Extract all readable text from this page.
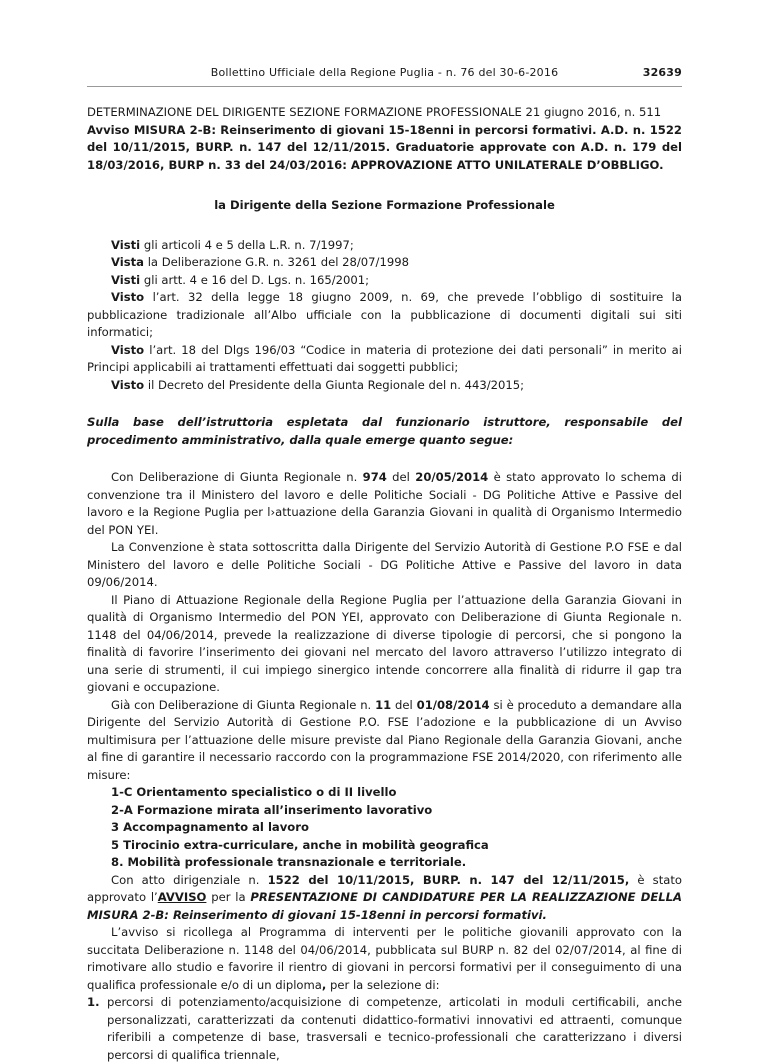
Bollettino Ufficiale della Regione Puglia - n. 76 del 30-6-2016	32639

DETERMINAZIONE DEL DIRIGENTE SEZIONE FORMAZIONE PROFESSIONALE 21 giugno 2016, n. 511

Avviso MISURA 2-B: Reinserimento di giovani 15-18enni in percorsi formativi. A.D. n. 1522 del 10/11/2015, BURP. n. 147 del 12/11/2015. Graduatorie approvate con A.D. n. 179 del 18/03/2016, BURP n. 33 del 24/03/2016: APPROVAZIONE ATTO UNILATERALE D’OBBLIGO.

la Dirigente della Sezione Formazione Professionale

Visti gli articoli 4 e 5 della L.R. n. 7/1997;

Vista la Deliberazione G.R. n. 3261 del 28/07/1998

Visti gli artt. 4 e 16 del D. Lgs. n. 165/2001;

Visto l’art. 32 della legge 18 giugno 2009, n. 69, che prevede l’obbligo di sostituire la pubblicazione tradizionale all’Albo ufficiale con la pubblicazione di documenti digitali sui siti informatici;

Visto l’art. 18 del Dlgs 196/03 “Codice in materia di protezione dei dati personali” in merito ai Principi applicabili ai trattamenti effettuati dai soggetti pubblici;

Visto il Decreto del Presidente della Giunta Regionale del n. 443/2015;

Sulla base dell’istruttoria espletata dal funzionario istruttore, responsabile del procedimento amministrativo, dalla quale emerge quanto segue:

Con Deliberazione di Giunta Regionale n. 974 del 20/05/2014 è stato approvato lo schema di convenzione tra il Ministero del lavoro e delle Politiche Sociali - DG Politiche Attive e Passive del lavoro e la Regione Puglia per l›attuazione della Garanzia Giovani in qualità di Organismo Intermedio del PON YEI.

La Convenzione è stata sottoscritta dalla Dirigente del Servizio Autorità di Gestione P.O FSE e dal Ministero del lavoro e delle Politiche Sociali - DG Politiche Attive e Passive del lavoro in data 09/06/2014.

Il Piano di Attuazione Regionale della Regione Puglia per l’attuazione della Garanzia Giovani in qualità di Organismo Intermedio del PON YEI, approvato con Deliberazione di Giunta Regionale n. 1148 del 04/06/2014, prevede la realizzazione di diverse tipologie di percorsi, che si pongono la finalità di favorire l’inserimento dei giovani nel mercato del lavoro attraverso l’utilizzo integrato di una serie di strumenti, il cui impiego sinergico intende concorrere alla finalità di ridurre il gap tra giovani e occupazione.

Già con Deliberazione di Giunta Regionale n. 11 del 01/08/2014 si è proceduto a demandare alla Dirigente del Servizio Autorità di Gestione P.O. FSE l’adozione e la pubblicazione di un Avviso multimisura per l’attuazione delle misure previste dal Piano Regionale della Garanzia Giovani, anche al fine di garantire il necessario raccordo con la programmazione FSE 2014/2020, con riferimento alle misure:

1-C Orientamento specialistico o di II livello

2-A Formazione mirata all’inserimento lavorativo

3 Accompagnamento al lavoro

5 Tirocinio extra-curriculare, anche in mobilità geografica

8. Mobilità professionale transnazionale e territoriale.

Con atto dirigenziale n. 1522 del 10/11/2015, BURP. n. 147 del 12/11/2015, è stato approvato l’AVVISO per la PRESENTAZIONE DI CANDIDATURE PER LA REALIZZAZIONE DELLA MISURA 2-B: Reinserimento di giovani 15-18enni in percorsi formativi.

L’avviso si ricollega al Programma di interventi per le politiche giovanili approvato con la succitata Deliberazione n. 1148 del 04/06/2014, pubblicata sul BURP n. 82 del 02/07/2014, al fine di rimotivare allo studio e favorire il rientro di giovani in percorsi formativi per il conseguimento di una qualifica professionale e/o di un diploma, per la selezione di:

1. percorsi di potenziamento/acquisizione di competenze, articolati in moduli certificabili, anche personalizzati, caratterizzati da contenuti didattico-formativi innovativi ed attraenti, comunque riferibili a competenze di base, trasversali e tecnico-professionali che caratterizzano i diversi percorsi di qualifica triennale,
